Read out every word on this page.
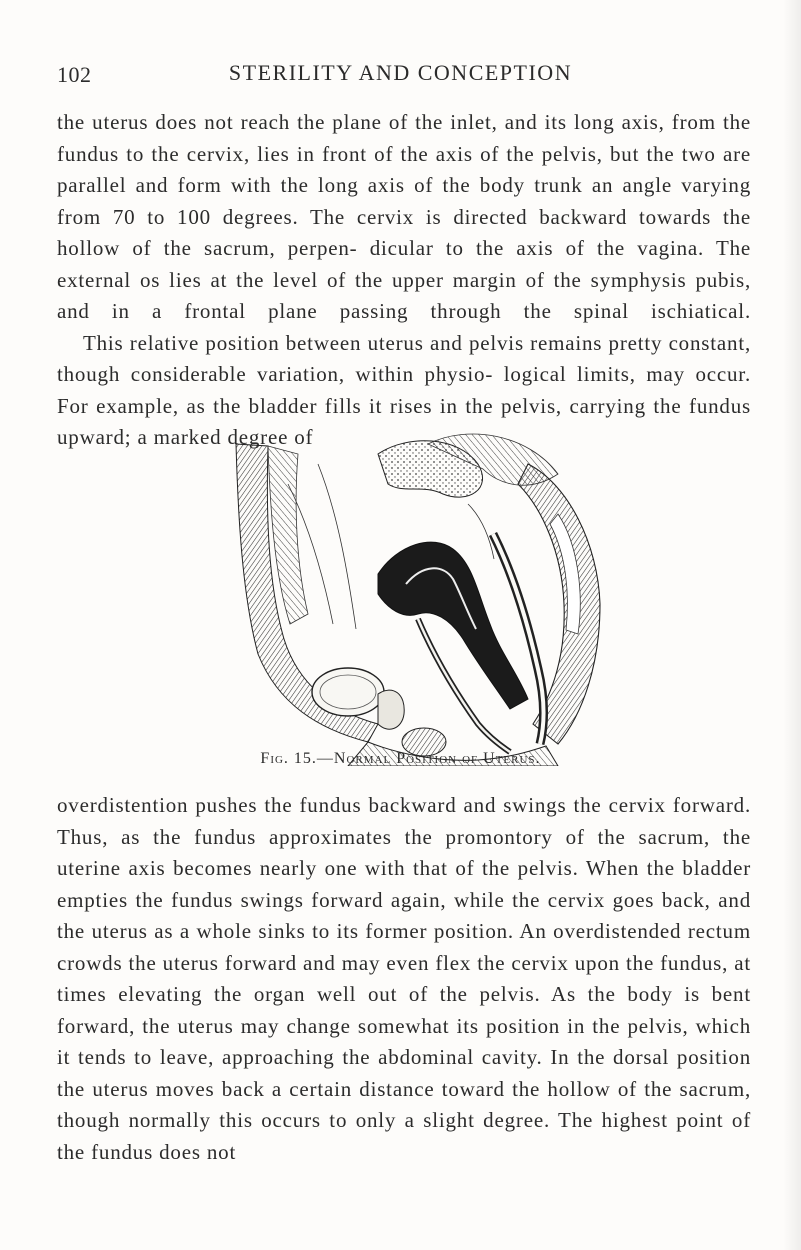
102	STERILITY AND CONCEPTION

the uterus does not reach the plane of the inlet, and its long axis, from the fundus to the cervix, lies in front of the axis of the pelvis, but the two are parallel and form with the long axis of the body trunk an angle varying from 70 to 100 degrees. The cervix is directed backward towards the hollow of the sacrum, perpen- dicular to the axis of the vagina. The external os lies at the level of the upper margin of the symphysis pubis, and in a frontal plane passing through the spinal ischiatical.

This relative position between uterus and pelvis remains pretty constant, though considerable variation, within physio- logical limits, may occur. For example, as the bladder fills it rises in the pelvis, carrying the fundus upward; a marked degree of

Fig. 15.—Normal Position of Uterus.

overdistention pushes the fundus backward and swings the cervix forward. Thus, as the fundus approximates the promontory of the sacrum, the uterine axis becomes nearly one with that of the pelvis. When the bladder empties the fundus swings forward again, while the cervix goes back, and the uterus as a whole sinks to its former position. An overdistended rectum crowds the uterus forward and may even flex the cervix upon the fundus, at times elevating the organ well out of the pelvis. As the body is bent forward, the uterus may change somewhat its position in the pelvis, which it tends to leave, approaching the abdominal cavity. In the dorsal position the uterus moves back a certain distance toward the hollow of the sacrum, though normally this occurs to only a slight degree. The highest point of the fundus does not
